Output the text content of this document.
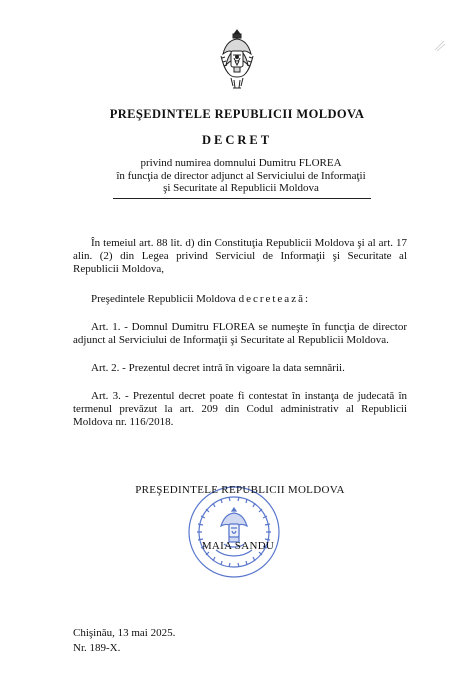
PREŞEDINTELE REPUBLICII MOLDOVA
DECRET
privind numirea domnului Dumitru FLOREA
în funcţia de director adjunct al Serviciului de Informaţii
şi Securitate al Republicii Moldova
În temeiul art. 88 lit. d) din Constituţia Republicii Moldova şi al art. 17 alin. (2) din Legea privind Serviciul de Informaţii şi Securitate al Republicii Moldova,
Preşedintele Republicii Moldova decretează:
Art. 1. - Domnul Dumitru FLOREA se numeşte în funcţia de director adjunct al Serviciului de Informaţii şi Securitate al Republicii Moldova.
Art. 2. - Prezentul decret intră în vigoare la data semnării.
Art. 3. - Prezentul decret poate fi contestat în instanţa de judecată în termenul prevăzut la art. 209 din Codul administrativ al Republicii Moldova nr. 116/2018.
PREŞEDINTELE REPUBLICII MOLDOVA
MAIA SANDU
Chişinău, 13 mai 2025.
Nr. 189-X.
